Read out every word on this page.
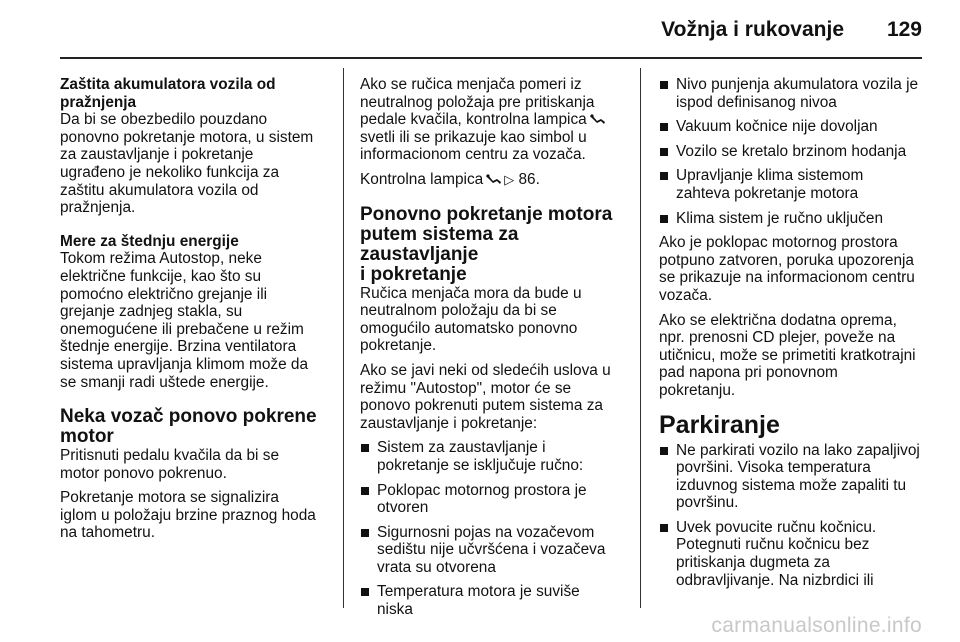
Vožnja i rukovanje 129
Zaštita akumulatora vozila od
pražnjenja
Da bi se obezbedilo pouzdano
ponovno pokretanje motora, u sistem
za zaustavljanje i pokretanje
ugrađeno je nekoliko funkcija za
zaštitu akumulatora vozila od
pražnjenja.
Mere za štednju energije
Tokom režima Autostop, neke
električne funkcije, kao što su
pomoćno električno grejanje ili
grejanje zadnjeg stakla, su
onemogućene ili prebačene u režim
štednje energije. Brzina ventilatora
sistema upravljanja klimom može da
se smanji radi uštede energije.
Neka vozač ponovo pokrene
motor
Pritisnuti pedalu kvačila da bi se
motor ponovo pokrenuo.
Pokretanje motora se signalizira
iglom u položaju brzine praznog hoda
na tahometru.
Ako se ručica menjača pomeri iz
neutralnog položaja pre pritiskanja
pedale kvačila, kontrolna lampica

svetli ili se prikazuje kao simbol u
informacionom centru za vozača.
Kontrolna lampica ▷ 86.
Ponovno pokretanje motora
putem sistema za zaustavljanje
i pokretanje
Ručica menjača mora da bude u
neutralnom položaju da bi se
omogućilo automatsko ponovno
pokretanje.
Ako se javi neki od sledećih uslova u
režimu "Autostop", motor će se
ponovo pokrenuti putem sistema za
zaustavljanje i pokretanje:
Sistem za zaustavljanje i
pokretanje se isključuje ručno:
Poklopac motornog prostora je
otvoren
Sigurnosni pojas na vozačevom
sedištu nije učvršćena i vozačeva
vrata su otvorena
Temperatura motora je suviše
niska
Nivo punjenja akumulatora vozila je
ispod definisanog nivoa
Vakuum kočnice nije dovoljan
Vozilo se kretalo brzinom hodanja
Upravljanje klima sistemom
zahteva pokretanje motora
Klima sistem je ručno uključen
Ako je poklopac motornog prostora
potpuno zatvoren, poruka upozorenja
se prikazuje na informacionom centru
vozača.
Ako se električna dodatna oprema,
npr. prenosni CD plejer, poveže na
utičnicu, može se primetiti kratkotrajni
pad napona pri ponovnom
pokretanju.
Parkiranje
Ne parkirati vozilo na lako zapaljivoj
površini. Visoka temperatura
izduvnog sistema može zapaliti tu
površinu.
Uvek povucite ručnu kočnicu.
Potegnuti ručnu kočnicu bez
pritiskanja dugmeta za
odbravljivanje. Na nizbrdici ili
carmanualsonline.info
